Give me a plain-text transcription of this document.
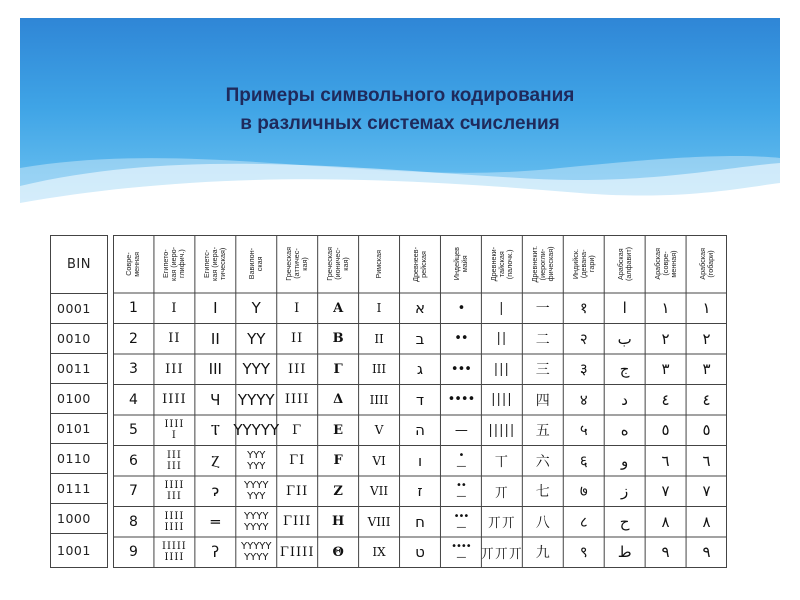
Примеры символьного кодирования
в различных системах счисления
BIN
0001
0010
0011
0100
0101
0110
0111
1000
1001
Совре-
менная
1
2
3
4
5
6
7
8
9
Египето-
кая (иеро-
глифич.)
I
II
III
IIII
IIII
I
III
III
IIII
III
IIII
IIII
IIIII
IIII
Египетс-
кая (иера-
тическая)
I
II
III
Ч
Ⲧ
Ⲍ
ɂ
═
ʔ
Вавилон-
ская
Y
YY
YYY
YYYY
YYYYY
YYY
YYY
YYYY
YYY
YYYY
YYYY
YYYYY
YYYY
Греческая
(аттичес-
кая)
I
II
III
IIII
Γ
ΓI
ΓII
ΓIII
ΓIIII
Греческая
(ионичес-
кая)
A
B
Γ
Δ
E
F
Z
H
Θ
Римская
I
II
III
IIII
V
VI
VII
VIII
IX
Древнеев-
рейская
א
ב
ג
ד
ה
ו
ז
ח
ט
Индейцев
майя
•
••
•••
••••
—
•
—
••
—
•••
—
••••
—
Древнеки-
тайская
(палочк.)
|
||
|||
||||
|||||
丅
丌
丌丌
丌丌丌
Древнекит.
(иерогли-
фическая)
一
二
三
四
五
六
七
八
九
Индийск.
(девана-
гари)
१
२
३
४
५
६
७
८
९
Арабская
(алфавит)
ا
ب
ج
د
ه
و
ز
ح
ط
Арабская
(совре-
менная)
١
٢
٣
٤
٥
٦
٧
٨
٩
Арабская
(гобари)
١
٢
٣
٤
٥
٦
٧
٨
٩
